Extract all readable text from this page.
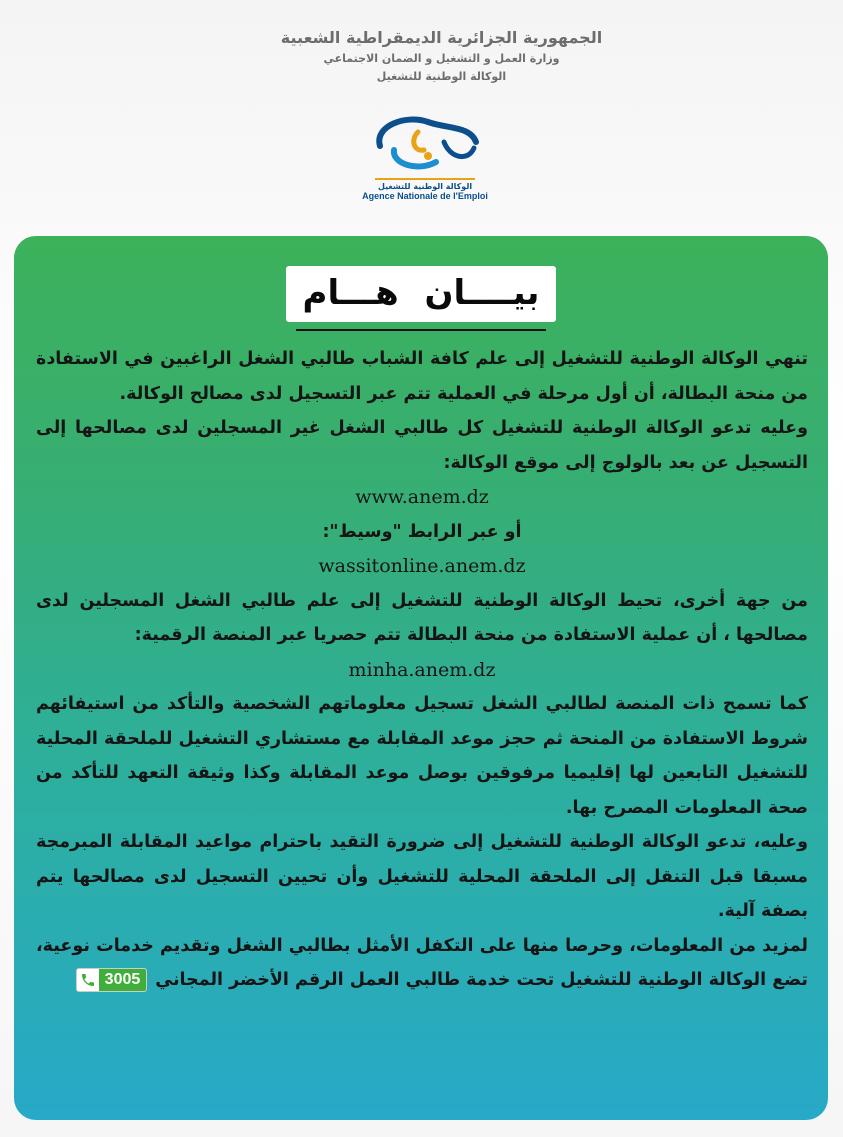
الجمهورية الجزائرية الديمقراطية الشعبية
وزارة العمل و التشغيل و الضمان الاجتماعي
الوكالة الوطنية للتشغيل
الوكالة الوطنية للتشغيل
Agence Nationale de l'Emploi
بيــــان هـــام

تنهي الوكالة الوطنية للتشغيل إلى علم كافة الشباب طالبي الشغل الراغبين في الاستفادة من منحة البطالة، أن أول مرحلة في العملية تتم عبر التسجيل لدى مصالح الوكالة.

وعليه تدعو الوكالة الوطنية للتشغيل كل طالبي الشغل غير المسجلين لدى مصالحها إلى التسجيل عن بعد بالولوج إلى موقع الوكالة:

www.anem.dz

أو عبر الرابط "وسيط":

wassitonline.anem.dz

من جهة أخرى، تحيط الوكالة الوطنية للتشغيل إلى علم طالبي الشغل المسجلين لدى مصالحها ، أن عملية الاستفادة من منحة البطالة تتم حصريا عبر المنصة الرقمية:

minha.anem.dz

كما تسمح ذات المنصة لطالبي الشغل تسجيل معلوماتهم الشخصية والتأكد من استيفائهم شروط الاستفادة من المنحة ثم حجز موعد المقابلة مع مستشاري التشغيل للملحقة المحلية للتشغيل التابعين لها إقليميا مرفوقين بوصل موعد المقابلة وكذا وثيقة التعهد للتأكد من صحة المعلومات المصرح بها.

وعليه، تدعو الوكالة الوطنية للتشغيل إلى ضرورة التقيد باحترام مواعيد المقابلة المبرمجة مسبقا قبل التنقل إلى الملحقة المحلية للتشغيل وأن تحيين التسجيل لدى مصالحها يتم بصفة آلية.

لمزيد من المعلومات، وحرصا منها على التكفل الأمثل بطالبي الشغل وتقديم خدمات نوعية، تضع الوكالة الوطنية للتشغيل تحت خدمة طالبي العمل الرقم الأخضر المجاني
3005
